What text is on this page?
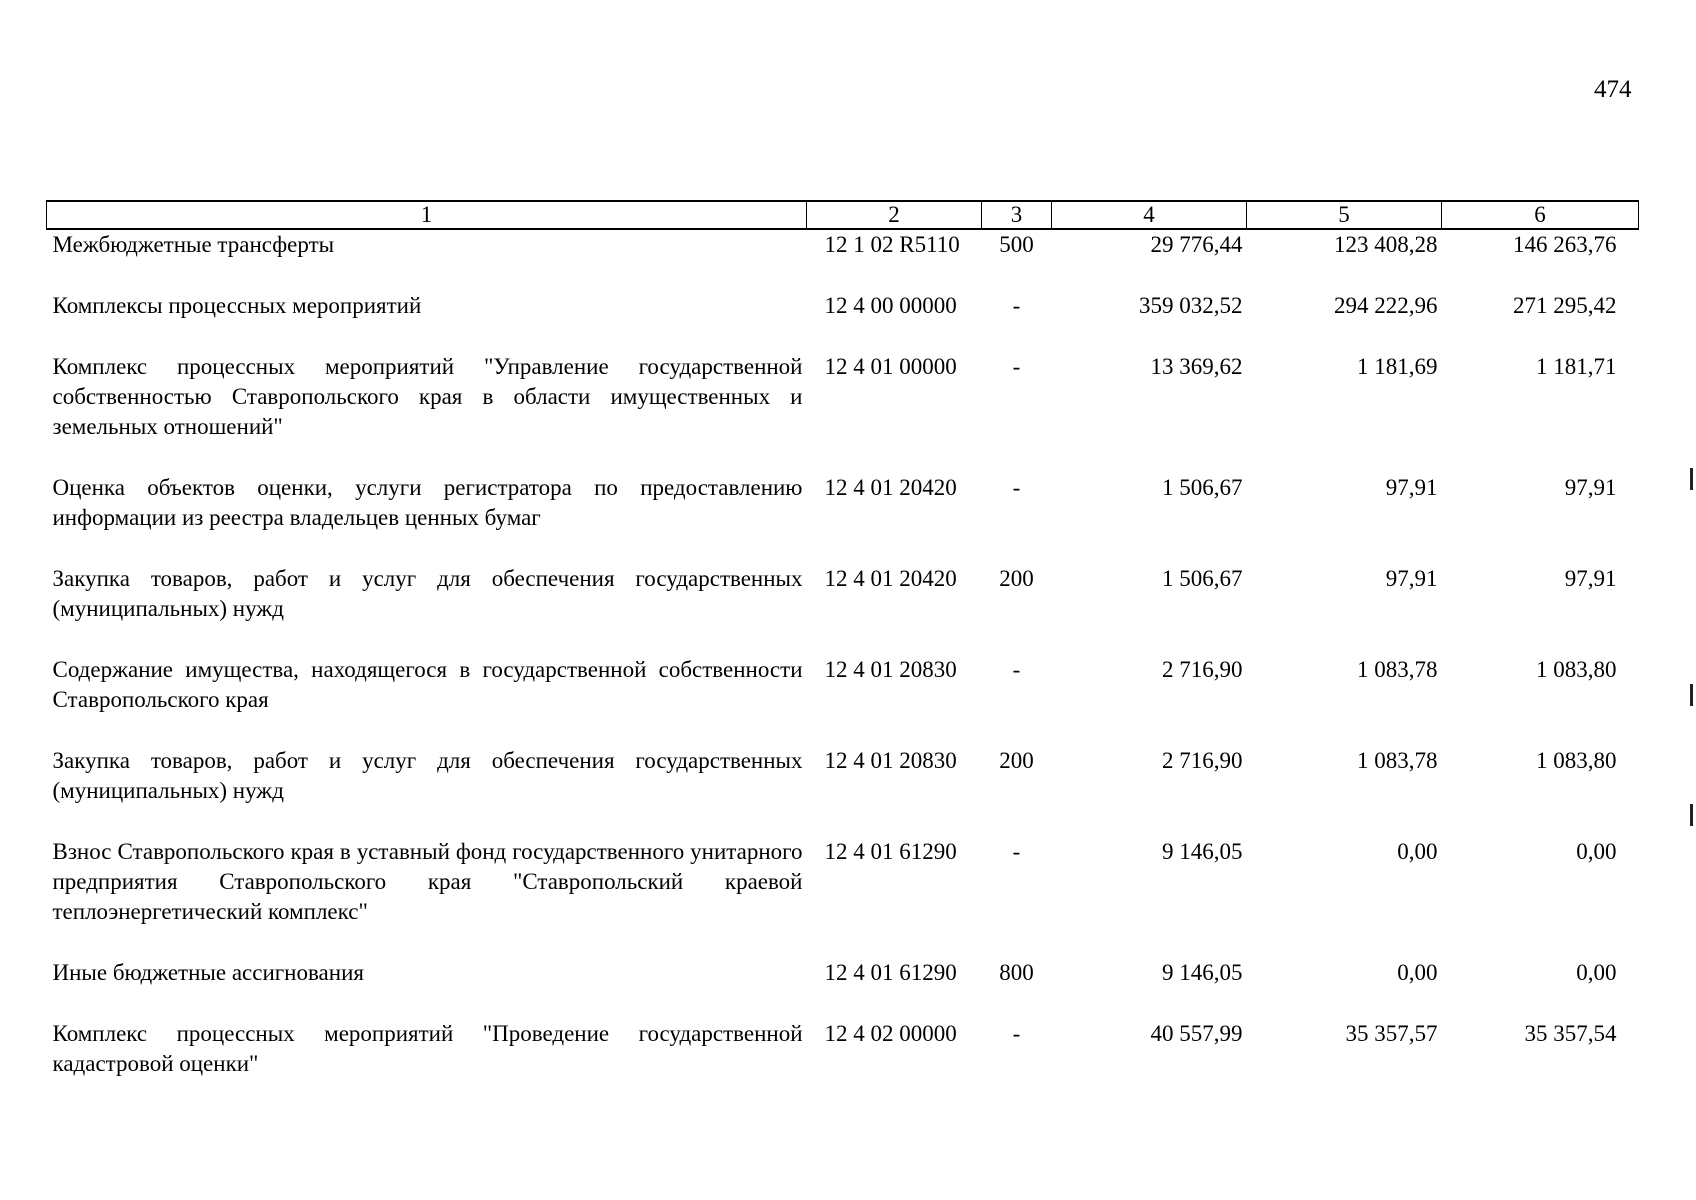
474
1	2	3	4	5	6
Межбюджетные трансферты	12 1 02 R5110	500	29 776,44	123 408,28	146 263,76
Комплексы процессных мероприятий	12 4 00 00000	-	359 032,52	294 222,96	271 295,42
Комплекс процессных мероприятий "Управление государственной собственностью Ставропольского края в области имущественных и земельных отношений"	12 4 01 00000	-	13 369,62	1 181,69	1 181,71
Оценка объектов оценки, услуги регистратора по предоставлению информации из реестра владельцев ценных бумаг	12 4 01 20420	-	1 506,67	97,91	97,91
Закупка товаров, работ и услуг для обеспечения государственных (муниципальных) нужд	12 4 01 20420	200	1 506,67	97,91	97,91
Содержание имущества, находящегося в государственной собственности Ставропольского края	12 4 01 20830	-	2 716,90	1 083,78	1 083,80
Закупка товаров, работ и услуг для обеспечения государственных (муниципальных) нужд	12 4 01 20830	200	2 716,90	1 083,78	1 083,80
Взнос Ставропольского края в уставный фонд государственного унитарного предприятия Ставропольского края "Ставропольский краевой теплоэнергетический комплекс"	12 4 01 61290	-	9 146,05	0,00	0,00
Иные бюджетные ассигнования	12 4 01 61290	800	9 146,05	0,00	0,00
Комплекс процессных мероприятий "Проведение государственной кадастровой оценки"	12 4 02 00000	-	40 557,99	35 357,57	35 357,54
